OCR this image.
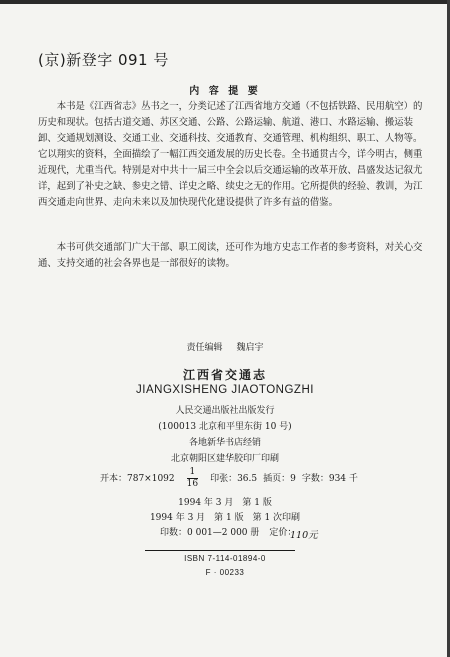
(京)新登字 091 号
内 容 提 要

本书是《江西省志》丛书之一，分类记述了江西省地方交通（不包括铁路、民用航空）的历史和现状。包括古道交通、苏区交通、公路、公路运输、航道、港口、水路运输、搬运装卸、交通规划测设、交通工业、交通科技、交通教育、交通管理、机构组织、职工、人物等。它以翔实的资料，全面描绘了一幅江西交通发展的历史长卷。全书通贯古今，详今明古，侧重近现代，尤重当代。特别是对中共十一届三中全会以后交通运输的改革开放、昌盛发达记叙尤详，起到了补史之缺、参史之错、详史之略、续史之无的作用。它所提供的经验、教训，为江西交通走向世界、走向未来以及加快现代化建设提供了许多有益的借鉴。

本书可供交通部门广大干部、职工阅读，还可作为地方史志工作者的参考资料，对关心交通、支持交通的社会各界也是一部很好的读物。

责任编辑 魏启宇
江西省交通志
JIANGXISHENG JIAOTONGZHI
人民交通出版社出版发行
(100013 北京和平里东街 10 号)
各地新华书店经销
北京朝阳区建华胶印厂印刷
开本：$787\times 1092 \frac{1}{16}$ 印张：36.5 插页：9 字数：934 千
1994 年 3 月　第 1 版
1994 年 3 月　第 1 版　第 1 次印刷
印数：0 001—2 000 册 定价：
110元
ISBN 7-114-01894-0
F · 00233
